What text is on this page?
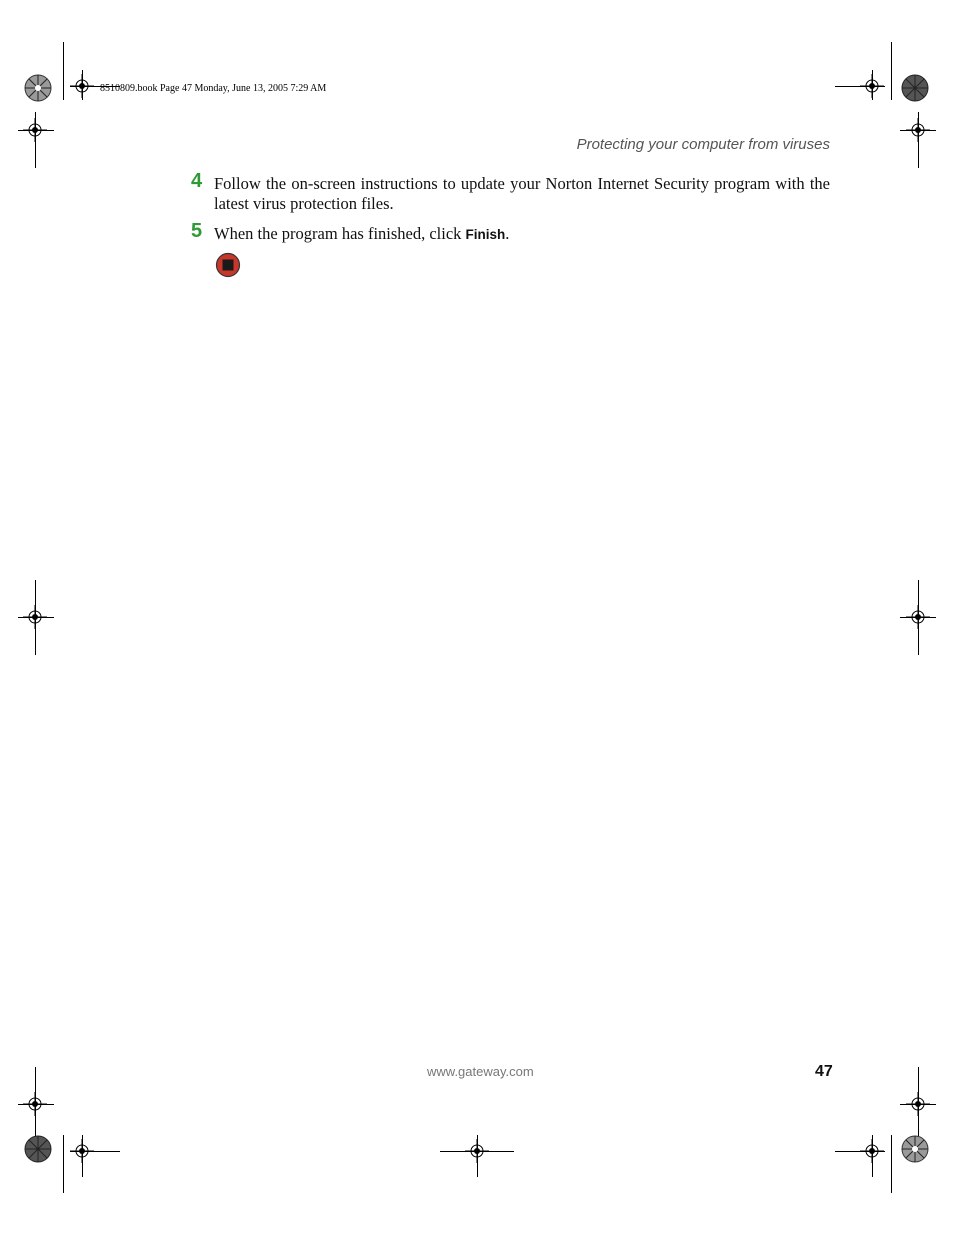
8510809.book Page 47 Monday, June 13, 2005 7:29 AM
Protecting your computer from viruses
4 Follow the on-screen instructions to update your Norton Internet Security program with the latest virus protection files.
5 When the program has finished, click Finish.
www.gateway.com	47
